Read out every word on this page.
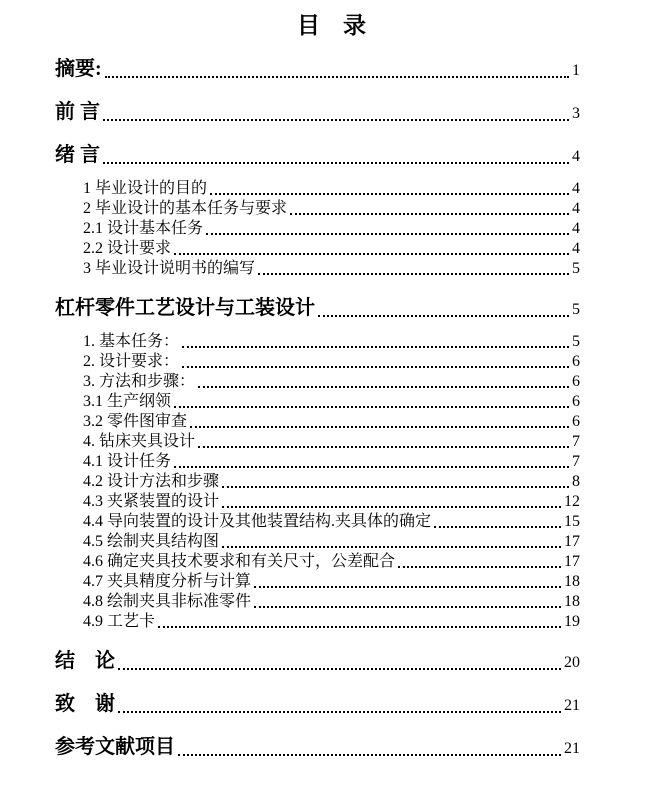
目　录
摘要:	1
前 言	3
绪 言	4
1 毕业设计的目的	4
2 毕业设计的基本任务与要求	4
2.1 设计基本任务	4
2.2 设计要求	4
3 毕业设计说明书的编写	5
杠杆零件工艺设计与工装设计	5
1. 基本任务：	5
2. 设计要求：	6
3. 方法和步骤：	6
3.1 生产纲领	6
3.2 零件图审查	6
4. 钻床夹具设计	7
4.1 设计任务	7
4.2 设计方法和步骤	8
4.3 夹紧装置的设计	12
4.4 导向装置的设计及其他装置结构.夹具体的确定	15
4.5 绘制夹具结构图	17
4.6 确定夹具技术要求和有关尺寸，公差配合	17
4.7 夹具精度分析与计算	18
4.8 绘制夹具非标准零件	18
4.9 工艺卡	19
结　论	20
致　谢	21
参考文献项目	21
